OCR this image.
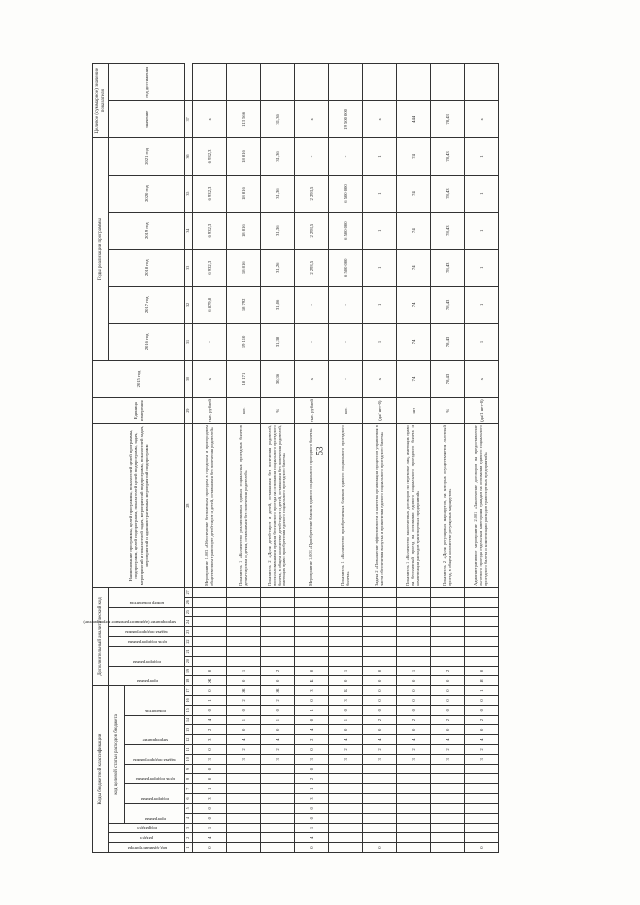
53
Коды бюджетной классификации																	Дополнительный аналитический код										Наименование программы, целей программы, показателей целей программы, подпрограмм, целей подпрограмм, показателей целей подпрограмм, задач, мероприятий и показателей задач, мероприятий подпрограмм, показателей задач, мероприятий и административных мероприятий подпрограмм	Единица измерения	2015 год	Годы реализации программы						Целевое (суммарное) значение показателя	

код администратора	раздел	подраздел	код целевой статьи расходов бюджета														программа		подпрограмма		цель подпрограммы	задача подпрограммы	мероприятие (административное мероприятие)		номер показателя					2016 год	2017 год	2018 год	2019 год	2020 год	2021 год	значение	год достижения

			программа		подпрограмма		цель подпрограммы		задача подпрограммы		мероприятие			показатель																							

1	2	3	4	5	6	7	8	9	10	11	12	13	14	15	16	17	18	19	20	21	22	23	24	25	26	27	28	29	30	31	32	33	34	35	36	37	
0	4	1	0	0	3	1	0	0	3	0	3	2	4	0	1	0	Ж	0									Мероприятие 1.003 «Обеспечение бесплатным проездом в городском и пригородном общественном транспорте детей-сирот и детей, оставшихся без попечения родителей»	тыс. рублей	x	-	6 879,8	6 932,3	6 932,3	6 932,3	6 932,3	x	
									3	2	4	0	1	0	2	Ж	0	1									Показатель 1 «Количество реализованных единых социальных проездных билетов детям-сиротам и детям, оставшимся без попечения родителей»	шт.	18 171	19 110	18 792	18 816	18 816	18 816	18 816	113 566	
									3	2	4	0	1	0	2	Ж	0	2									Показатель 2 «Доля детей-сирот и детей, оставшихся без попечения родителей, воспользовавшихся правом бесплатного проезда на основании социального проездного билета, в общем количестве детей-сирот и детей, оставшихся без попечения родителей, имеющих право приобретения единого социального проездного билета»	%	30,36	31,38	31,06	31,26	31,36	31,36	31,36	31,36	
0	4	1	0	0	3	1	2	0	3	0	2	4	0	1	0	3	Б	0									Мероприятие 1.003 «Приобретение бланков единого социального проездного билета»	тыс. рублей	x	-	-	2 293,5	2 293,5	2 293,5	-	x	
									3	2	4	0	1	0	3	Б	0	1									Показатель 1 «Количество приобретаемых бланков единого социального проездного билета»	шт.	-	-	-	6 500 000	6 500 000	6 500 000	-	19 500 000	
0									3	2	4	0	2	0	0	0	0	0									Задача 2 «Повышение эффективности и качества организации процессов управления в части обеспечения выпуска и применения единого социального проездного билета»	(да/ нет-0)	x	1	1	1	1	1	1	x	
									3	2	4	0	2	0	0	0	0	1									Показатель 1 «Количество заключенных договоров по перевозке лиц, имеющих право на бесплатный проезд на основании единого социального проездного билета и компенсации расходов транспортных предприятий»	шт	74	74	74	74	74	74	74	444	
									3	2	4	0	2	0	0	0	0	2									Показатель 2 «Доля регулярных маршрутов, на которых осуществляется льготный проезд, в общем количестве регулярных маршрутов»	%	78,43	78,43	78,43	78,43	78,43	78,43	78,43	78,43	
0									3	2	4	0	2	0	0	1	Я	0									Административное мероприятие 2.001 «Заключение договоров на предоставление льготного проезда отдельным категориям граждан на основании единого социального проездного билета и компенсации расходов транспортных предприятий»	(да/1 нет-0)	x	1	1	1	1	1	1	x	
